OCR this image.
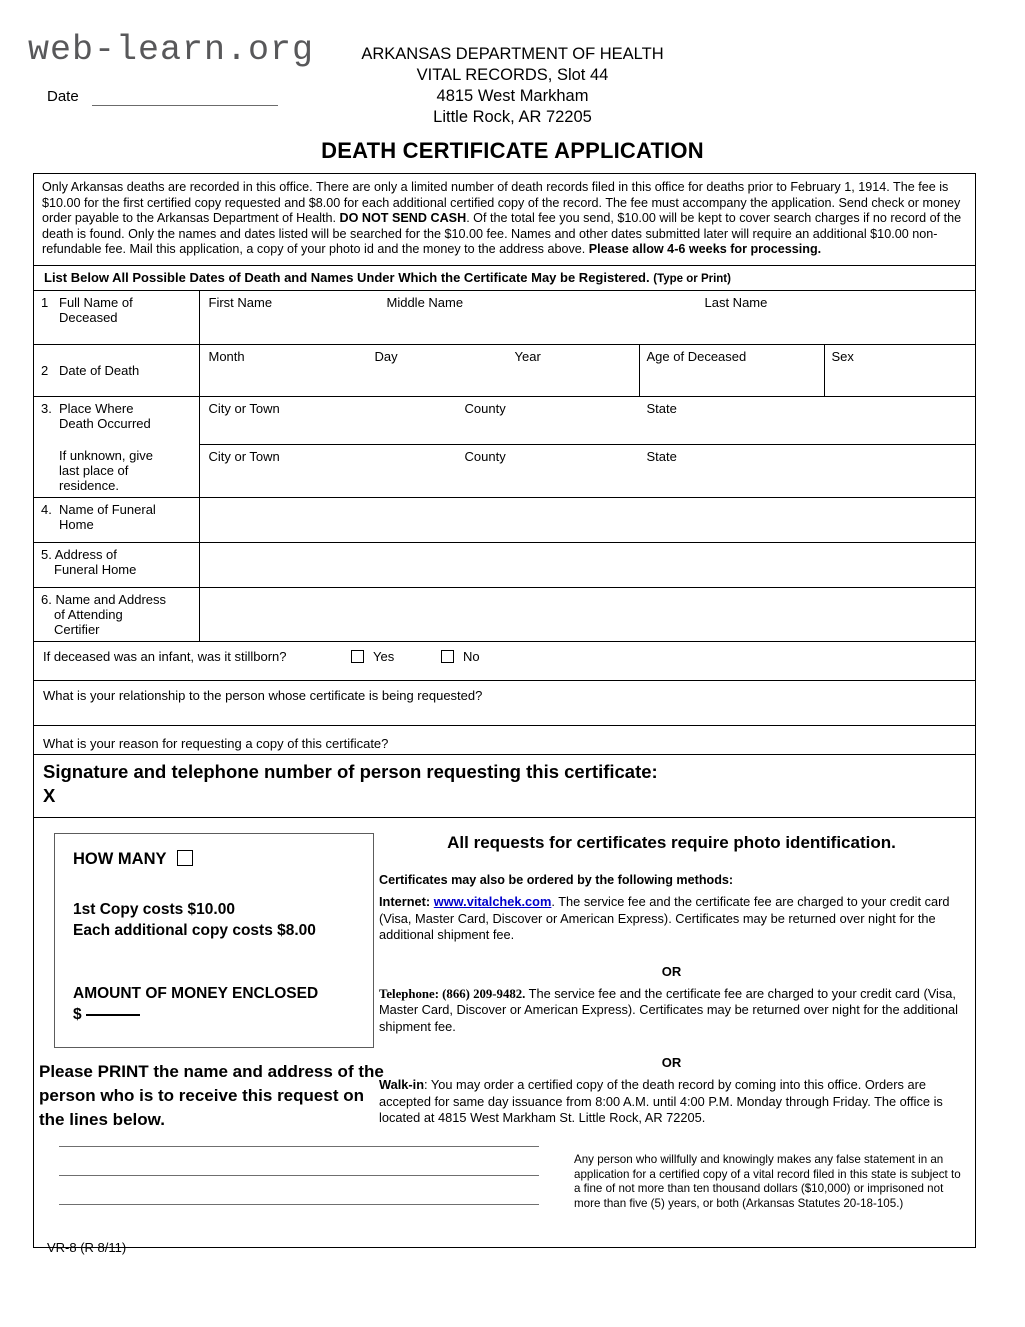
web-learn.org
Date
ARKANSAS DEPARTMENT OF HEALTH
VITAL RECORDS, Slot 44
4815 West Markham
Little Rock, AR 72205
DEATH CERTIFICATE APPLICATION
Only Arkansas deaths are recorded in this office. There are only a limited number of death records filed in this office for deaths prior to February 1, 1914. The fee is $10.00 for the first certified copy requested and $8.00 for each additional certified copy of the record. The fee must accompany the application. Send check or money order payable to the Arkansas Department of Health. DO NOT SEND CASH. Of the total fee you send, $10.00 will be kept to cover search charges if no record of the death is found. Only the names and dates listed will be searched for the $10.00 fee. Names and other dates submitted later will require an additional $10.00 non-refundable fee. Mail this application, a copy of your photo id and the money to the address above. Please allow 4-6 weeks for processing.
List Below All Possible Dates of Death and Names Under Which the Certificate May be Registered. (Type or Print)
1 Full Name of
Deceased	First Name Middle Name Last Name		

2 Date of Death	Month Day Year	Age of Deceased	Sex
3. Place Where
Death Occurred	City or Town County State		

If unknown, give
last place of
residence.	City or Town County State		

4. Name of Funeral
Home			
5. Address of
Funeral Home			
6. Name and Address
of Attending
Certifier			
If deceased was an infant, was it stillborn?	Yes	No
What is your relationship to the person whose certificate is being requested?
What is your reason for requesting a copy of this certificate?
Signature and telephone number of person requesting this certificate:
X
HOW MANY
1st Copy costs $10.00
Each additional copy costs $8.00
AMOUNT OF MONEY ENCLOSED
$
Please PRINT the name and address of the person who is to receive this request on the lines below.
All requests for certificates require photo identification.
Certificates may also be ordered by the following methods:
Internet: www.vitalchek.com. The service fee and the certificate fee are charged to your credit card (Visa, Master Card, Discover or American Express). Certificates may be returned over night for the additional shipment fee.
OR
Telephone: (866) 209-9482. The service fee and the certificate fee are charged to your credit card (Visa, Master Card, Discover or American Express). Certificates may be returned over night for the additional shipment fee.
OR
Walk-in: You may order a certified copy of the death record by coming into this office. Orders are accepted for same day issuance from 8:00 A.M. until 4:00 P.M. Monday through Friday. The office is located at 4815 West Markham St. Little Rock, AR 72205.
Any person who willfully and knowingly makes any false statement in an application for a certified copy of a vital record filed in this state is subject to a fine of not more than ten thousand dollars ($10,000) or imprisoned not more than five (5) years, or both (Arkansas Statutes 20-18-105.)
VR-8 (R 8/11)
